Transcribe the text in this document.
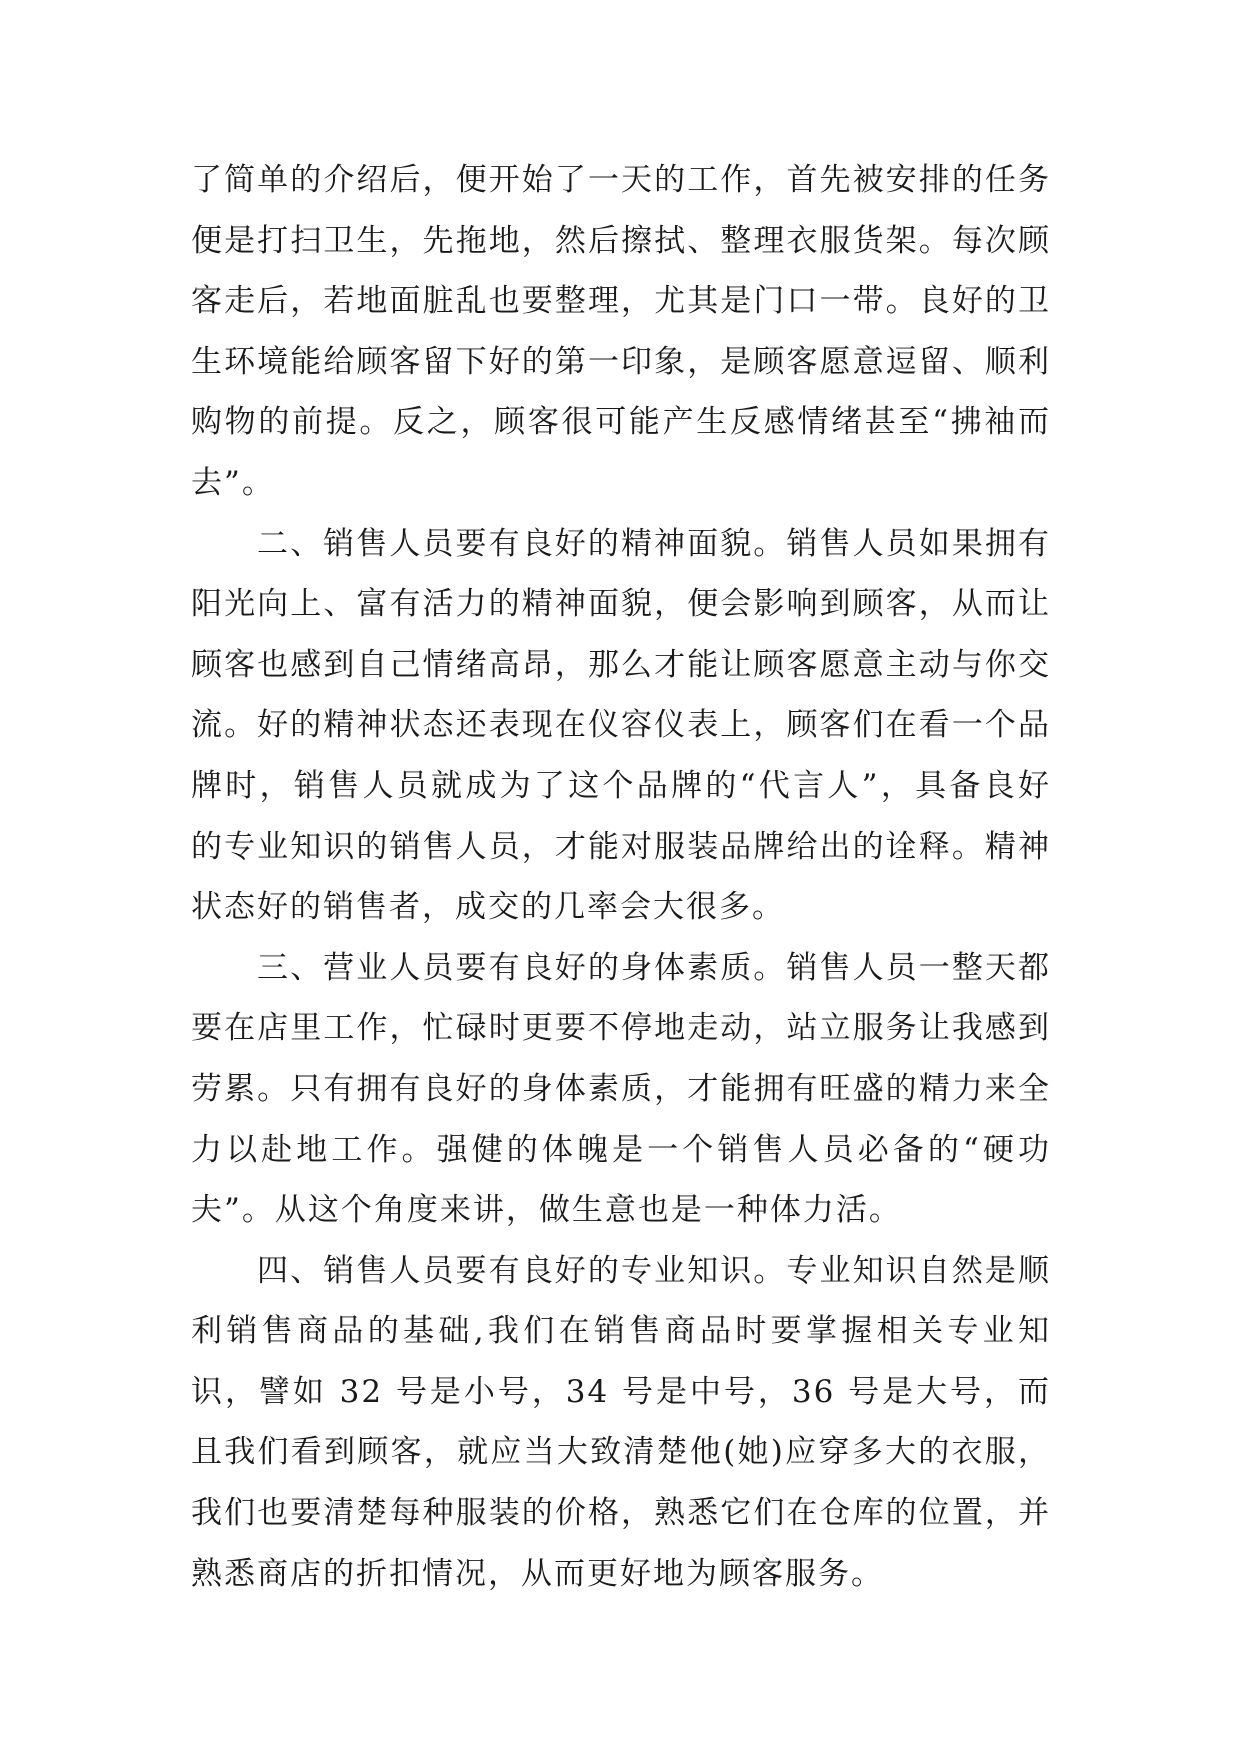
了简单的介绍后，便开始了一天的工作，首先被安排的任务便是打扫卫生，先拖地，然后擦拭、整理衣服货架。每次顾客走后，若地面脏乱也要整理，尤其是门口一带。良好的卫生环境能给顾客留下好的第一印象，是顾客愿意逗留、顺利购物的前提。反之，顾客很可能产生反感情绪甚至“拂袖而去”。

二、销售人员要有良好的精神面貌。销售人员如果拥有阳光向上、富有活力的精神面貌，便会影响到顾客，从而让顾客也感到自己情绪高昂，那么才能让顾客愿意主动与你交流。好的精神状态还表现在仪容仪表上，顾客们在看一个品牌时，销售人员就成为了这个品牌的“代言人”，具备良好的专业知识的销售人员，才能对服装品牌给出的诠释。精神状态好的销售者，成交的几率会大很多。

三、营业人员要有良好的身体素质。销售人员一整天都要在店里工作，忙碌时更要不停地走动，站立服务让我感到劳累。只有拥有良好的身体素质，才能拥有旺盛的精力来全力以赴地工作。强健的体魄是一个销售人员必备的“硬功夫”。从这个角度来讲，做生意也是一种体力活。

四、销售人员要有良好的专业知识。专业知识自然是顺利销售商品的基础,我们在销售商品时要掌握相关专业知识，譬如 32 号是小号，34 号是中号，36 号是大号，而且我们看到顾客，就应当大致清楚他(她)应穿多大的衣服，我们也要清楚每种服装的价格，熟悉它们在仓库的位置，并熟悉商店的折扣情况，从而更好地为顾客服务。
